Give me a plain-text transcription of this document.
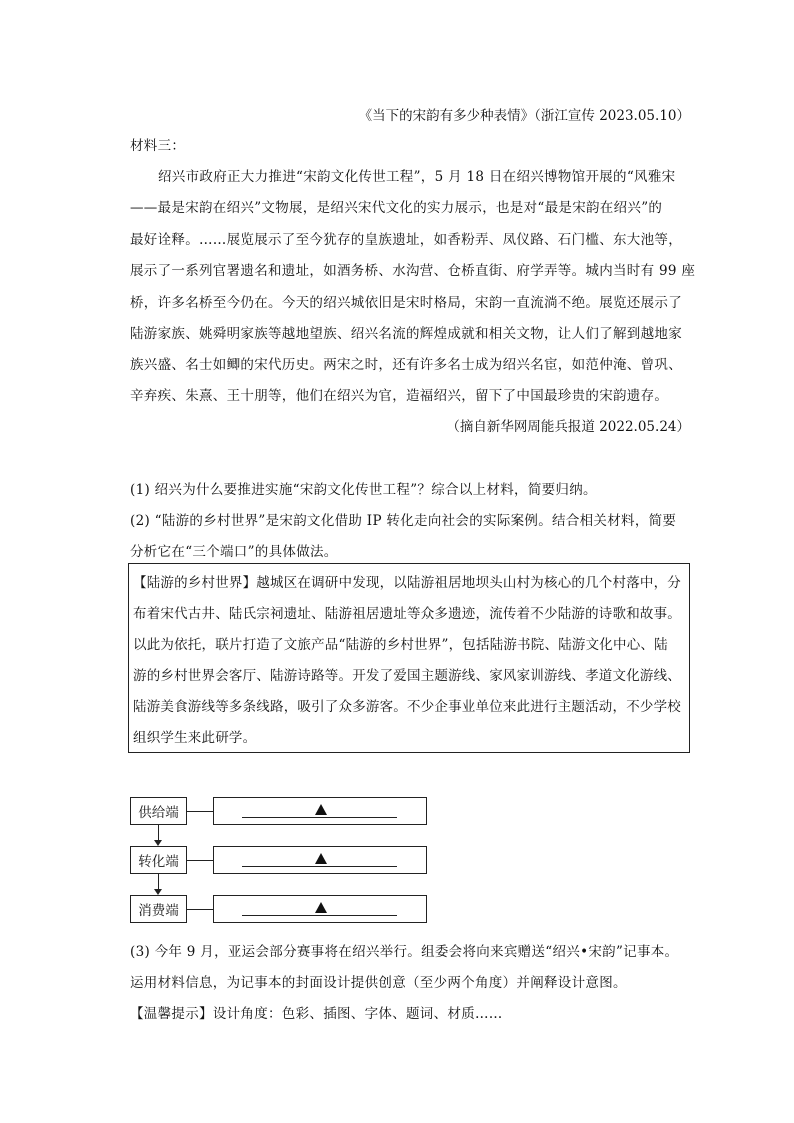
《当下的宋韵有多少种表情》（浙江宣传 2023.05.10）
材料三：
绍兴市政府正大力推进“宋韵文化传世工程”，5 月 18 日在绍兴博物馆开展的“风雅宋
——最是宋韵在绍兴”文物展，是绍兴宋代文化的实力展示，也是对“最是宋韵在绍兴”的
最好诠释。……展览展示了至今犹存的皇族遗址，如香粉弄、凤仪路、石门槛、东大池等，
展示了一系列官署遗名和遗址，如酒务桥、水沟营、仓桥直街、府学弄等。城内当时有 99 座
桥，许多名桥至今仍在。今天的绍兴城依旧是宋时格局，宋韵一直流淌不绝。展览还展示了
陆游家族、姚舜明家族等越地望族、绍兴名流的辉煌成就和相关文物，让人们了解到越地家
族兴盛、名士如鲫的宋代历史。两宋之时，还有许多名士成为绍兴名宦，如范仲淹、曾巩、
辛弃疾、朱熹、王十朋等，他们在绍兴为官，造福绍兴，留下了中国最珍贵的宋韵遗存。
（摘自新华网周能兵报道 2022.05.24）
(1) 绍兴为什么要推进实施“宋韵文化传世工程”？综合以上材料，简要归纳。
(2) “陆游的乡村世界”是宋韵文化借助 IP 转化走向社会的实际案例。结合相关材料，简要
分析它在“三个端口”的具体做法。
【陆游的乡村世界】越城区在调研中发现，以陆游祖居地坝头山村为核心的几个村落中，分
布着宋代古井、陆氏宗祠遗址、陆游祖居遗址等众多遗迹，流传着不少陆游的诗歌和故事。
以此为依托，联片打造了文旅产品“陆游的乡村世界”，包括陆游书院、陆游文化中心、陆
游的乡村世界会客厅、陆游诗路等。开发了爱国主题游线、家风家训游线、孝道文化游线、
陆游美食游线等多条线路，吸引了众多游客。不少企事业单位来此进行主题活动，不少学校
组织学生来此研学。
供给端
转化端
消费端
(3) 今年 9 月，亚运会部分赛事将在绍兴举行。组委会将向来宾赠送“绍兴•宋韵”记事本。
运用材料信息，为记事本的封面设计提供创意（至少两个角度）并阐释设计意图。
【温馨提示】设计角度：色彩、插图、字体、题词、材质……
